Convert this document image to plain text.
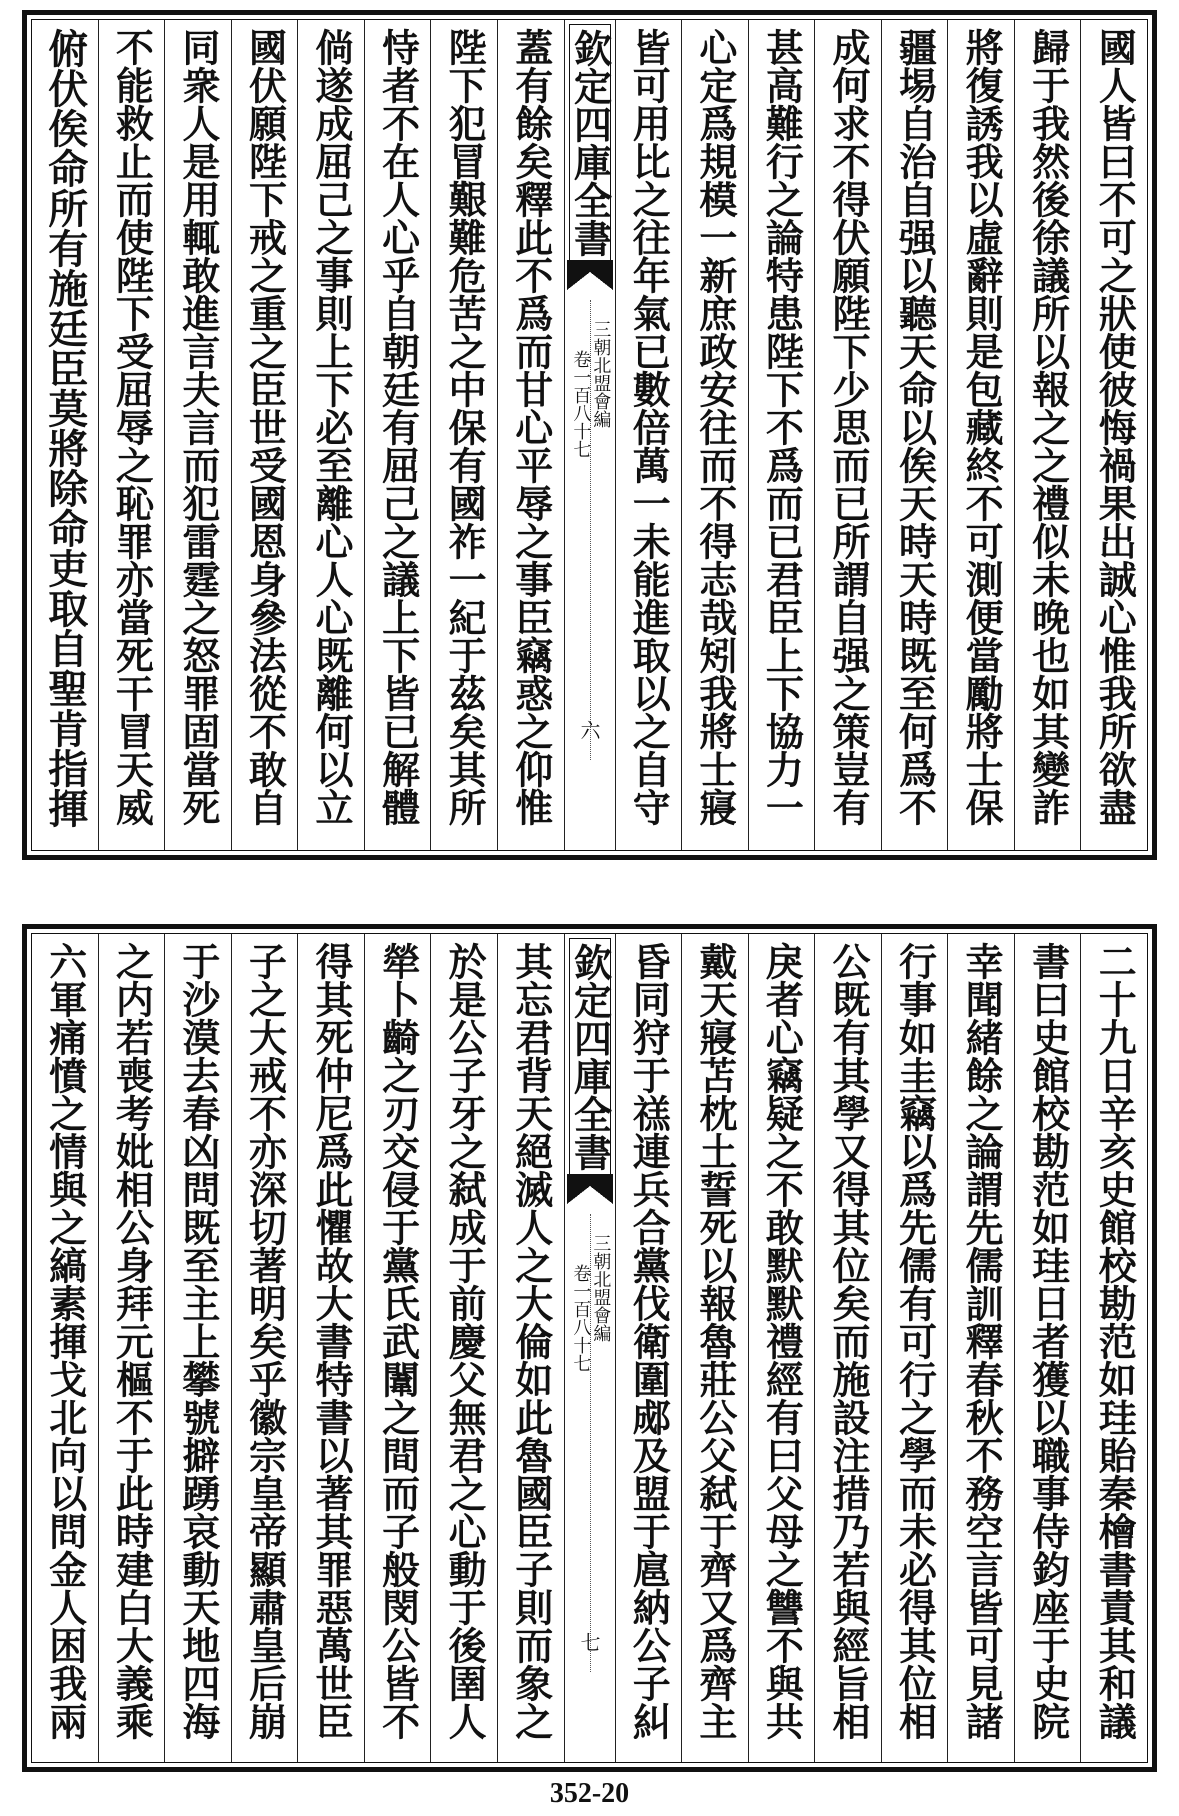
國人皆曰不可之狀使彼悔禍果出誠心惟我所欲盡
歸于我然後徐議所以報之之禮似未晚也如其變詐
將復誘我以虛辭則是包藏終不可測便當勵將士保
疆埸自治自强以聽天命以俟天時天時既至何爲不
成何求不得伏願陛下少思而已所謂自强之策豈有
甚高難行之論特患陛下不爲而已君臣上下協力一
心定爲規模一新庶政安往而不得志哉矧我將士寢
皆可用比之往年氣已數倍萬一未能進取以之自守
欽定四庫全書
三朝北盟會編
卷一百八十七
六
蓋有餘矣釋此不爲而甘心平辱之事臣竊惑之仰惟
陛下犯冒艱難危苦之中保有國祚一紀于茲矣其所
恃者不在人心乎自朝廷有屈己之議上下皆已解體
倘遂成屈己之事則上下必至離心人心既離何以立
國伏願陛下戒之重之臣世受國恩身參法從不敢自
同衆人是用輒敢進言夫言而犯雷霆之怒罪固當死
不能救止而使陛下受屈辱之恥罪亦當死干冒天威
俯伏俟命所有施廷臣莫將除命吏取自聖肯指揮
二十九日辛亥史館校勘范如珪貽秦檜書責其和議
書曰史館校勘范如珪日者獲以職事侍鈞座于史院
幸聞緒餘之論謂先儒訓釋春秋不務空言皆可見諸
行事如圭竊以爲先儒有可行之學而未必得其位相
公既有其學又得其位矣而施設注措乃若與經旨相
戾者心竊疑之不敢默默禮經有曰父母之讐不與共
戴天寢苫枕土誓死以報魯莊公父弑于齊又爲齊主
昏同狩于禚連兵合黨伐衛圍郕及盟于扈納公子糾
欽定四庫全書
三朝北盟會編
卷一百八十七
七
其忘君背天絕滅人之大倫如此魯國臣子則而象之
於是公子牙之弑成于前慶父無君之心動于後圉人
犖卜齮之刃交侵于黨氏武闈之間而子般閔公皆不
得其死仲尼爲此懼故大書特書以著其罪惡萬世臣
子之大戒不亦深切著明矣乎徽宗皇帝顯肅皇后崩
于沙漠去春凶問既至主上攀號擗踴哀動天地四海
之内若喪考妣相公身拜元樞不于此時建白大義乘
六軍痛憤之情與之縞素揮戈北向以問金人困我兩
352-20
